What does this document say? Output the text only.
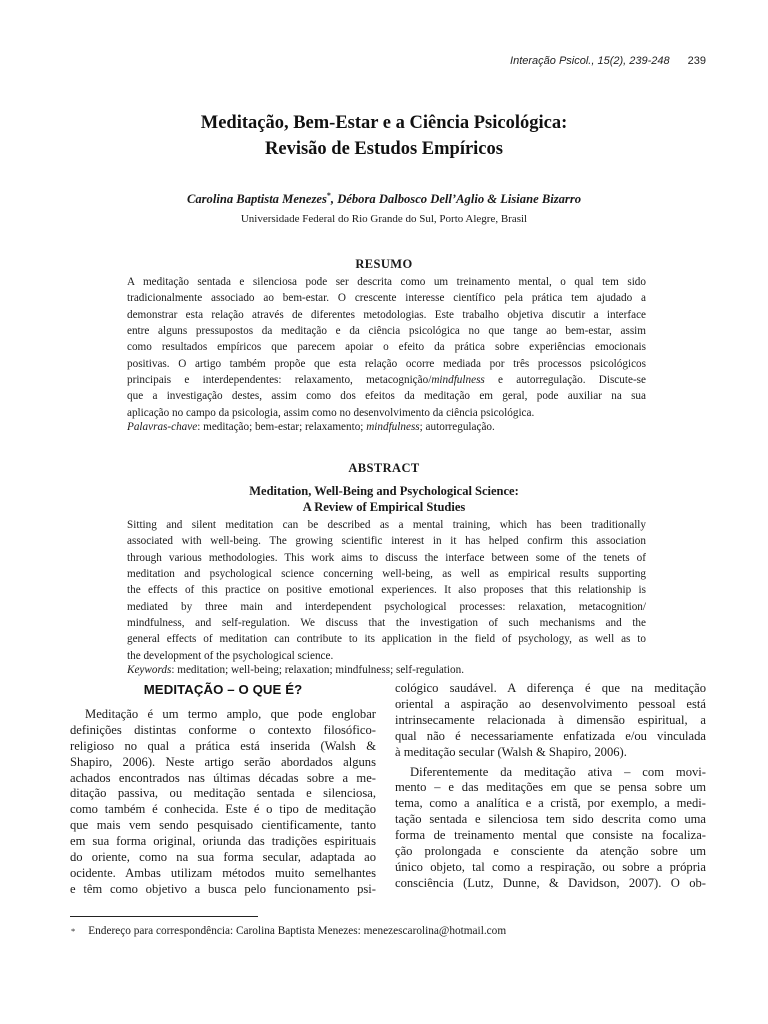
Interação Psicol., 15(2), 239-248 239
Meditação, Bem-Estar e a Ciência Psicológica:
Revisão de Estudos Empíricos
Carolina Baptista Menezes*, Débora Dalbosco Dell’Aglio & Lisiane Bizarro
Universidade Federal do Rio Grande do Sul, Porto Alegre, Brasil
RESUMO
A meditação sentada e silenciosa pode ser descrita como um treinamento mental, o qual tem sido
tradicionalmente associado ao bem-estar. O crescente interesse científico pela prática tem ajudado a
demonstrar esta relação através de diferentes metodologias. Este trabalho objetiva discutir a interface
entre alguns pressupostos da meditação e da ciência psicológica no que tange ao bem-estar, assim
como resultados empíricos que parecem apoiar o efeito da prática sobre experiências emocionais
positivas. O artigo também propõe que esta relação ocorre mediada por três processos psicológicos
principais e interdependentes: relaxamento, metacognição/mindfulness e autorregulação. Discute-se
que a investigação destes, assim como dos efeitos da meditação em geral, pode auxiliar na sua
aplicação no campo da psicologia, assim como no desenvolvimento da ciência psicológica.
Palavras-chave: meditação; bem-estar; relaxamento; mindfulness; autorregulação.
ABSTRACT
Meditation, Well-Being and Psychological Science:
A Review of Empirical Studies
Sitting and silent meditation can be described as a mental training, which has been traditionally
associated with well-being. The growing scientific interest in it has helped confirm this association
through various methodologies. This work aims to discuss the interface between some of the tenets of
meditation and psychological science concerning well-being, as well as empirical results supporting
the effects of this practice on positive emotional experiences. It also proposes that this relationship is
mediated by three main and interdependent psychological processes: relaxation, metacognition/
mindfulness, and self-regulation. We discuss that the investigation of such mechanisms and the
general effects of meditation can contribute to its application in the field of psychology, as well as to
the development of the psychological science.
Keywords: meditation; well-being; relaxation; mindfulness; self-regulation.
MEDITAÇÃO – O QUE É?
Meditação é um termo amplo, que pode englobar
definições distintas conforme o contexto filosófico-
religioso no qual a prática está inserida (Walsh &
Shapiro, 2006). Neste artigo serão abordados alguns
achados encontrados nas últimas décadas sobre a me-
ditação passiva, ou meditação sentada e silenciosa,
como também é conhecida. Este é o tipo de meditação
que mais vem sendo pesquisado cientificamente, tanto
em sua forma original, oriunda das tradições espirituais
do oriente, como na sua forma secular, adaptada ao
ocidente. Ambas utilizam métodos muito semelhantes
e têm como objetivo a busca pelo funcionamento psi-
cológico saudável. A diferença é que na meditação
oriental a aspiração ao desenvolvimento pessoal está
intrinsecamente relacionada à dimensão espiritual, a
qual não é necessariamente enfatizada e/ou vinculada
à meditação secular (Walsh & Shapiro, 2006).
Diferentemente da meditação ativa – com movi-
mento – e das meditações em que se pensa sobre um
tema, como a analítica e a cristã, por exemplo, a medi-
tação sentada e silenciosa tem sido descrita como uma
forma de treinamento mental que consiste na focaliza-
ção prolongada e consciente da atenção sobre um
único objeto, tal como a respiração, ou sobre a própria
consciência (Lutz, Dunne, & Davidson, 2007). O ob-
* Endereço para correspondência: Carolina Baptista Menezes: menezescarolina@hotmail.com
